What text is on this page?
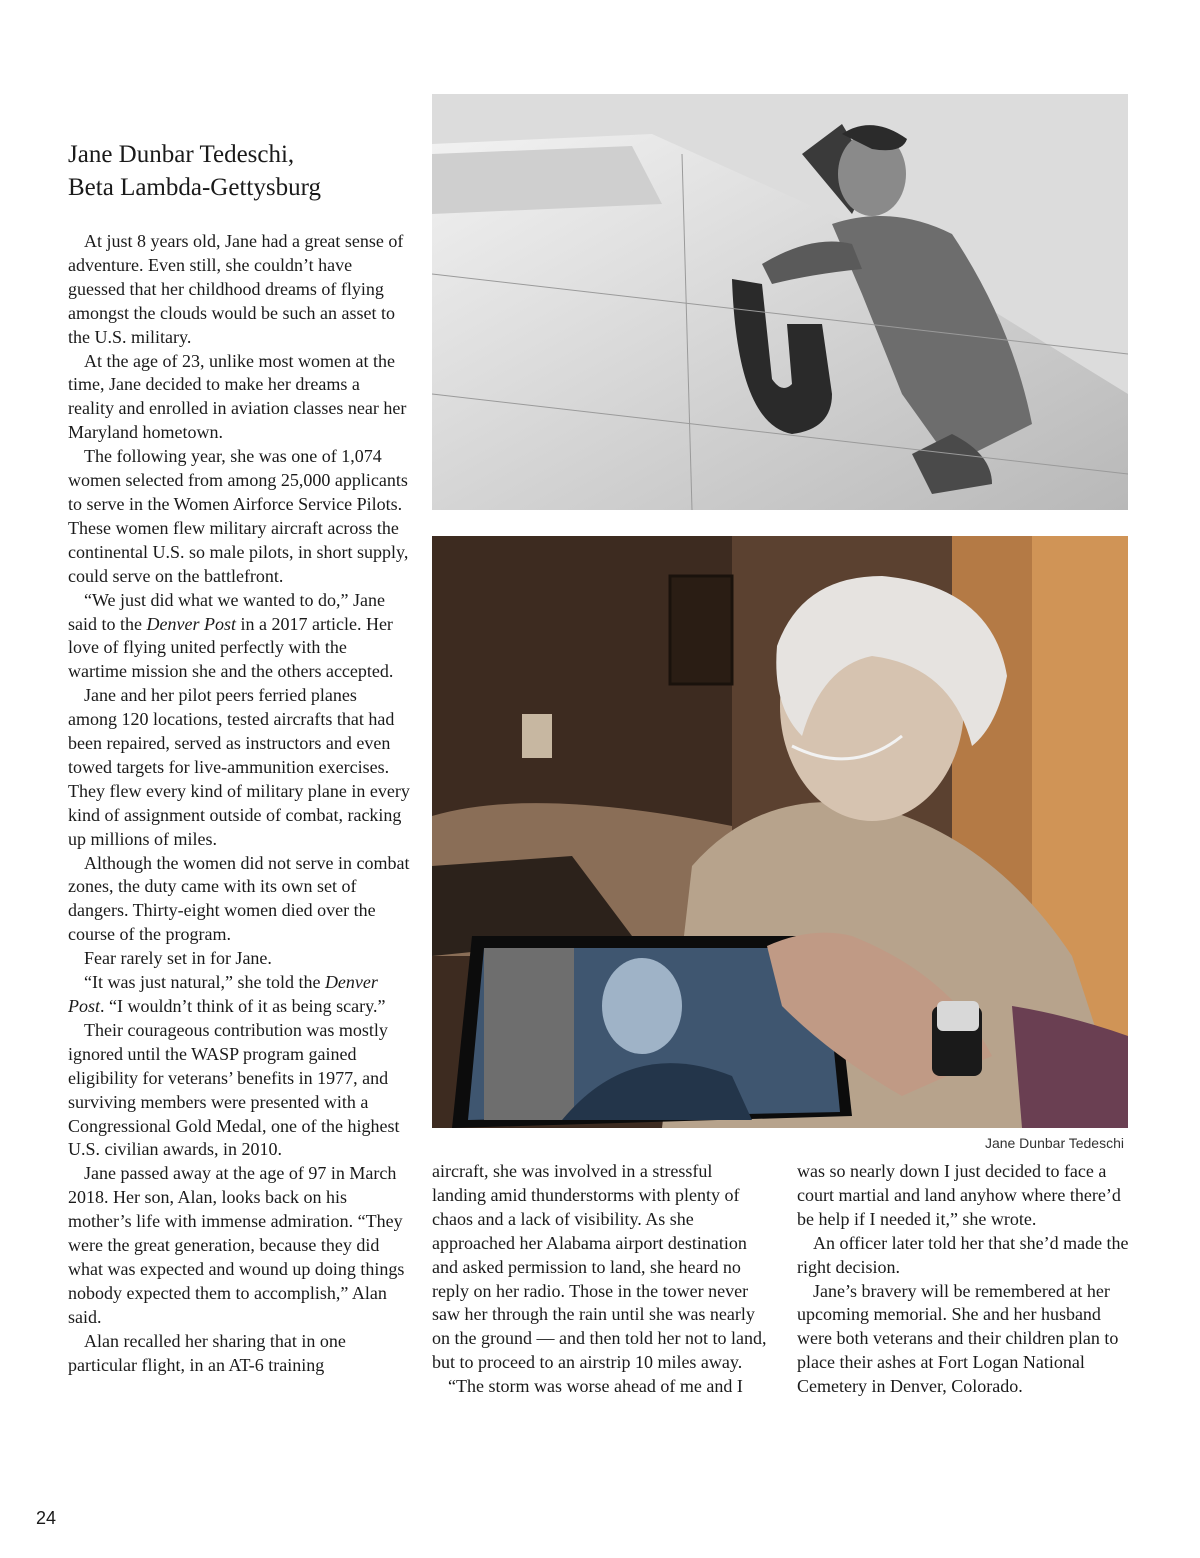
Jane Dunbar Tedeschi,
Beta Lambda-Gettysburg

At just 8 years old, Jane had a great sense of adventure. Even still, she couldn’t have guessed that her childhood dreams of flying amongst the clouds would be such an asset to the U.S. military.

At the age of 23, unlike most women at the time, Jane decided to make her dreams a reality and enrolled in aviation classes near her Maryland hometown.

The following year, she was one of 1,074 women selected from among 25,000 applicants to serve in the Women Airforce Service Pilots. These women flew military aircraft across the continental U.S. so male pilots, in short supply, could serve on the battlefront.

“We just did what we wanted to do,” Jane said to the Denver Post in a 2017 article. Her love of flying united perfectly with the wartime mission she and the others accepted.

Jane and her pilot peers ferried planes among 120 locations, tested aircrafts that had been repaired, served as instructors and even towed targets for live-ammunition exercises. They flew every kind of military plane in every kind of assignment outside of combat, racking up millions of miles.

Although the women did not serve in combat zones, the duty came with its own set of dangers. Thirty-eight women died over the course of the program.

Fear rarely set in for Jane.

“It was just natural,” she told the Denver Post. “I wouldn’t think of it as being scary.”

Their courageous contribution was mostly ignored until the WASP program gained eligibility for veterans’ benefits in 1977, and surviving members were presented with a Congressional Gold Medal, one of the highest U.S. civilian awards, in 2010.

Jane passed away at the age of 97 in March 2018. Her son, Alan, looks back on his mother’s life with immense admiration. “They were the great generation, because they did what was expected and wound up doing things nobody expected them to accomplish,” Alan said.

Alan recalled her sharing that in one particular flight, in an AT-6 training

Jane Dunbar Tedeschi

aircraft, she was involved in a stressful landing amid thunderstorms with plenty of chaos and a lack of visibility. As she approached her Alabama airport destination and asked permission to land, she heard no reply on her radio. Those in the tower never saw her through the rain until she was nearly on the ground — and then told her not to land, but to proceed to an airstrip 10 miles away.

“The storm was worse ahead of me and I

was so nearly down I just decided to face a court martial and land anyhow where there’d be help if I needed it,” she wrote.

An officer later told her that she’d made the right decision.

Jane’s bravery will be remembered at her upcoming memorial. She and her husband were both veterans and their children plan to place their ashes at Fort Logan National Cemetery in Denver, Colorado.

24
